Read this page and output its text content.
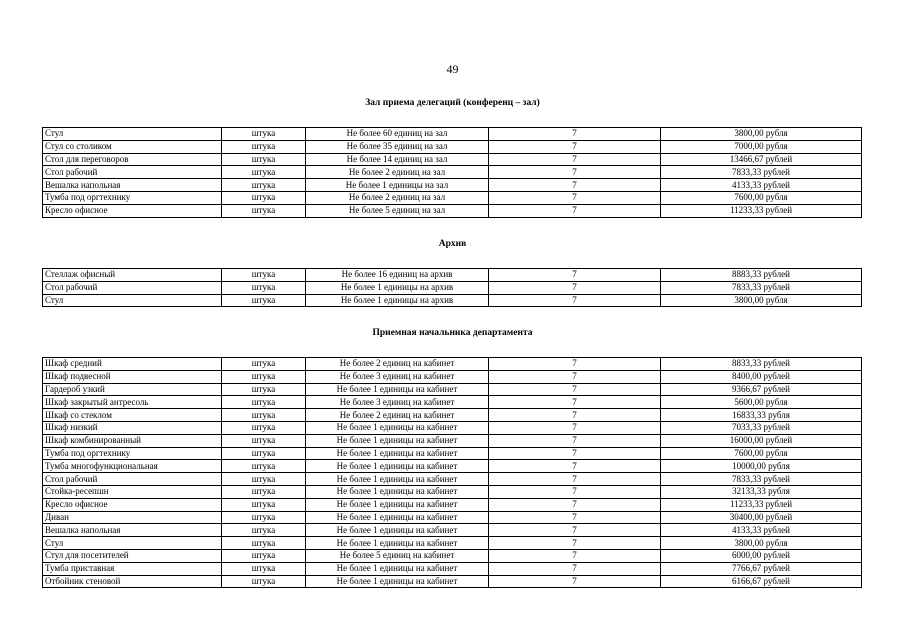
49
Зал приема делегаций (конференц – зал)
Стул	штука	Не более 60 единиц на зал	7	3800,00 рубля
Стул со столиком	штука	Не более 35 единиц на зал	7	7000,00 рубля
Стол для переговоров	штука	Не более 14 единиц на зал	7	13466,67 рублей
Стол рабочий	штука	Не более 2 единиц на зал	7	7833,33 рублей
Вешалка напольная	штука	Не более 1 единицы на зал	7	4133,33 рублей
Тумба под оргтехнику	штука	Не более 2 единиц на зал	7	7600,00 рубля
Кресло офисное	штука	Не более 5 единиц на зал	7	11233,33 рублей
Архив
Стеллаж офисный	штука	Не более 16 единиц на архив	7	8883,33 рублей
Стол рабочий	штука	Не более 1 единицы на архив	7	7833,33 рублей
Стул	штука	Не более 1 единицы на архив	7	3800,00 рубля
Приемная начальника департамента
Шкаф средний	штука	Не более 2 единиц на кабинет	7	8833,33 рублей
Шкаф подвесной	штука	Не более 3 единиц на кабинет	7	8400,00 рублей
Гардероб узкий	штука	Не более 1 единицы на кабинет	7	9366,67 рублей
Шкаф закрытый антресоль	штука	Не более 3 единиц на кабинет	7	5600,00 рубля
Шкаф со стеклом	штука	Не более 2 единиц на кабинет	7	16833,33 рубля
Шкаф низкий	штука	Не более 1 единицы на кабинет	7	7033,33 рублей
Шкаф комбинированный	штука	Не более 1 единицы на кабинет	7	16000,00 рублей
Тумба под оргтехнику	штука	Не более 1 единицы на кабинет	7	7600,00 рубля
Тумба многофункциональная	штука	Не более 1 единицы на кабинет	7	10000,00 рубля
Стол рабочий	штука	Не более 1 единицы на кабинет	7	7833,33 рублей
Стойка-ресепшн	штука	Не более 1 единицы на кабинет	7	32133,33 рубля
Кресло офисное	штука	Не более 1 единицы на кабинет	7	11233,33 рублей
Диван	штука	Не более 1 единицы на кабинет	7	30400,00 рублей
Вешалка напольная	штука	Не более 1 единицы на кабинет	7	4133,33 рублей
Стул	штука	Не более 1 единицы на кабинет	7	3800,00 рубля
Стул для посетителей	штука	Не более 5 единиц на кабинет	7	6000,00 рублей
Тумба приставная	штука	Не более 1 единицы на кабинет	7	7766,67 рублей
Отбойник стеновой	штука	Не более 1 единицы на кабинет	7	6166,67 рублей
